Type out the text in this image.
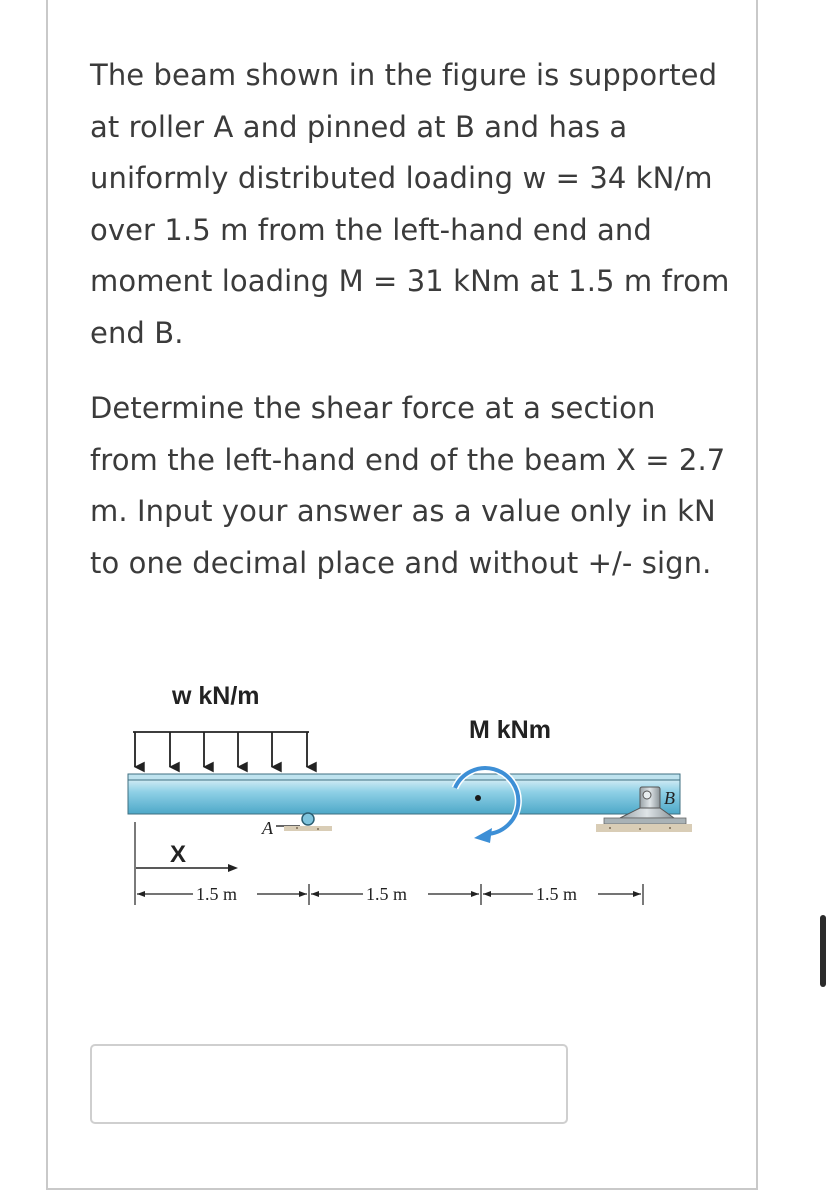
The beam shown in the figure is supported at roller A and pinned at B and has a uniformly distributed loading w = 34 kN/m over 1.5 m from the left-hand end and moment loading M = 31 kNm at 1.5 m from end B.

Determine the shear force at a section from the left-hand end of the beam X = 2.7 m. Input your answer as a value only in kN to one decimal place and without +/- sign.

w kN/m
M kNm
A
B
X
1.5 m	1.5 m	1.5 m
